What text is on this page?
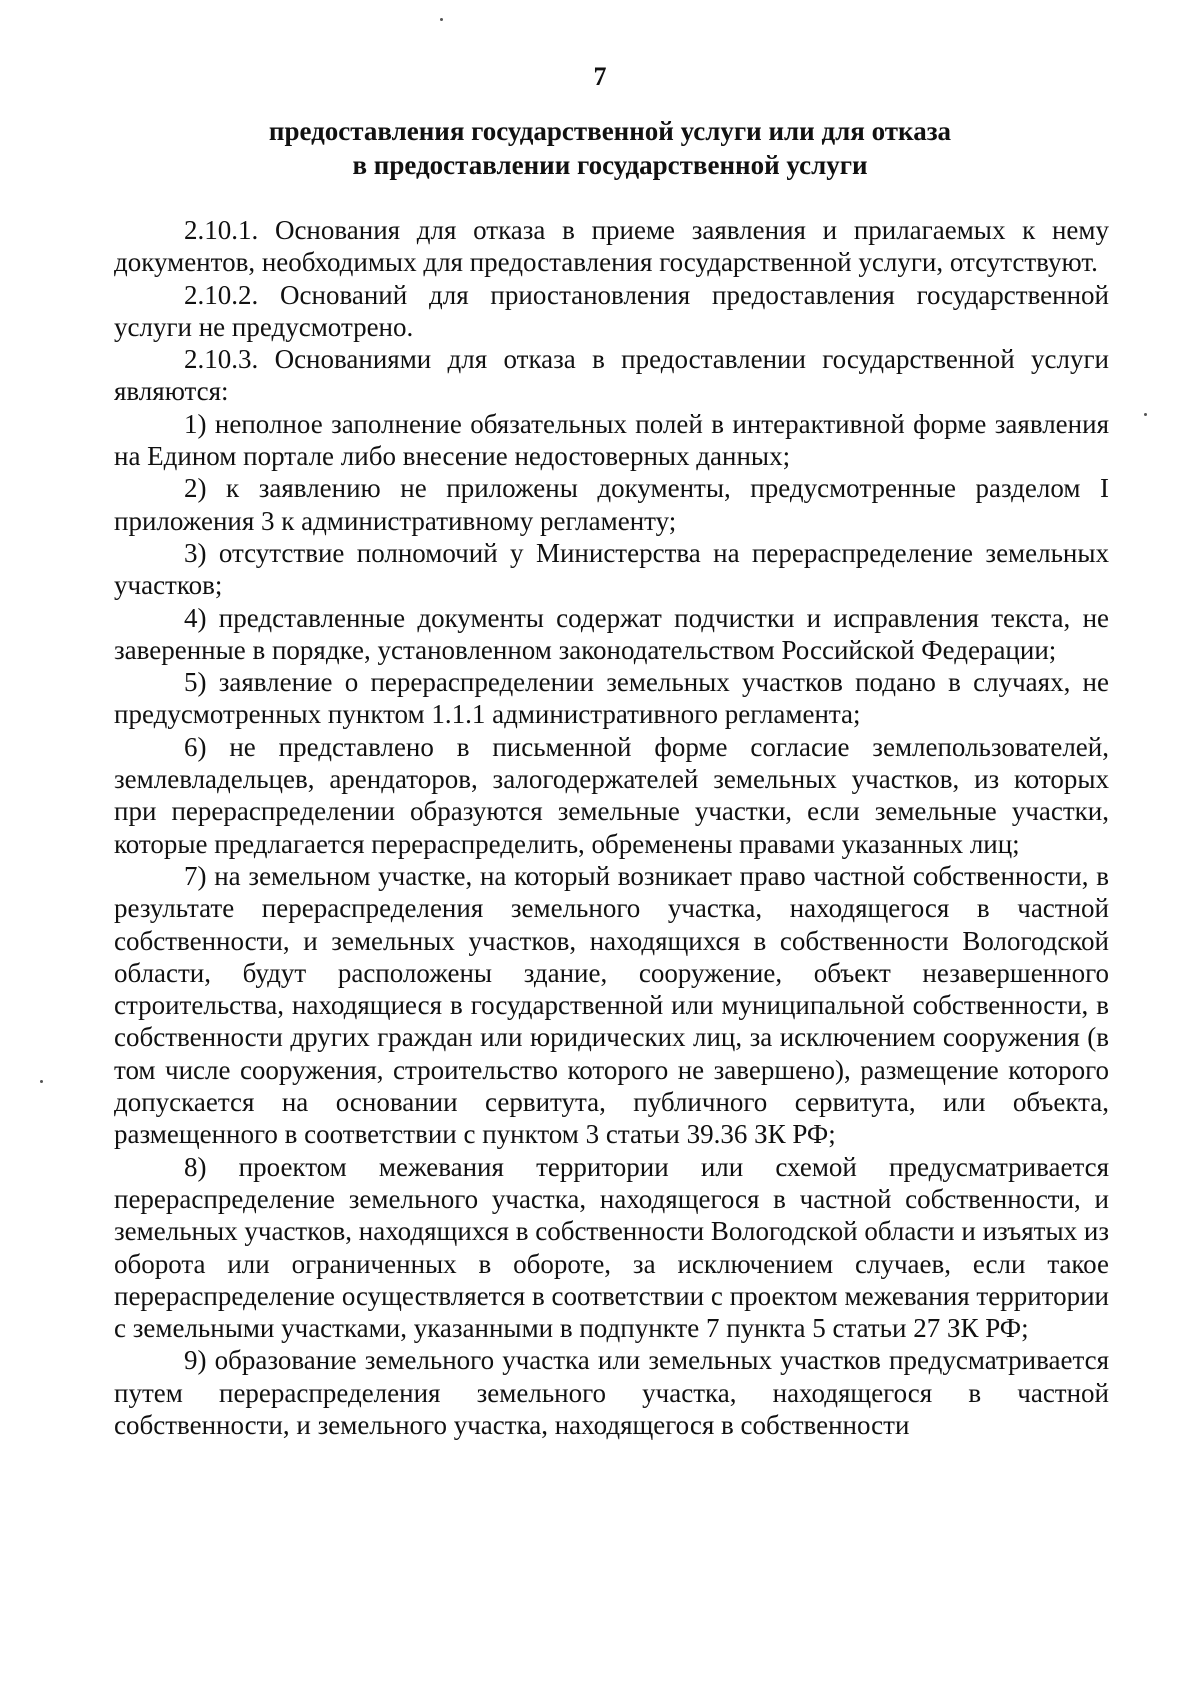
7
предоставления государственной услуги или для отказа
в предоставлении государственной услуги

2.10.1. Основания для отказа в приеме заявления и прилагаемых к нему документов, необходимых для предоставления государственной услуги, отсутствуют.

2.10.2. Оснований для приостановления предоставления государственной услуги не предусмотрено.

2.10.3. Основаниями для отказа в предоставлении государственной услуги являются:

1) неполное заполнение обязательных полей в интерактивной форме заявления на Едином портале либо внесение недостоверных данных;

2) к заявлению не приложены документы, предусмотренные разделом I приложения 3 к административному регламенту;

3) отсутствие полномочий у Министерства на перераспределение земельных участков;

4) представленные документы содержат подчистки и исправления текста, не заверенные в порядке, установленном законодательством Российской Федерации;

5) заявление о перераспределении земельных участков подано в случаях, не предусмотренных пунктом 1.1.1 административного регламента;

6) не представлено в письменной форме согласие землепользователей, землевладельцев, арендаторов, залогодержателей земельных участков, из которых при перераспределении образуются земельные участки, если земельные участки, которые предлагается перераспределить, обременены правами указанных лиц;

7) на земельном участке, на который возникает право частной собственности, в результате перераспределения земельного участка, находящегося в частной собственности, и земельных участков, находящихся в собственности Вологодской области, будут расположены здание, сооружение, объект незавершенного строительства, находящиеся в государственной или муниципальной собственности, в собственности других граждан или юридических лиц, за исключением сооружения (в том числе сооружения, строительство которого не завершено), размещение которого допускается на основании сервитута, публичного сервитута, или объекта, размещенного в соответствии с пунктом 3 статьи 39.36 ЗК РФ;

8) проектом межевания территории или схемой предусматривается перераспределение земельного участка, находящегося в частной собственности, и земельных участков, находящихся в собственности Вологодской области и изъятых из оборота или ограниченных в обороте, за исключением случаев, если такое перераспределение осуществляется в соответствии с проектом межевания территории с земельными участками, указанными в подпункте 7 пункта 5 статьи 27 ЗК РФ;

9) образование земельного участка или земельных участков предусматривается путем перераспределения земельного участка, находящегося в частной собственности, и земельного участка, находящегося в собственности
